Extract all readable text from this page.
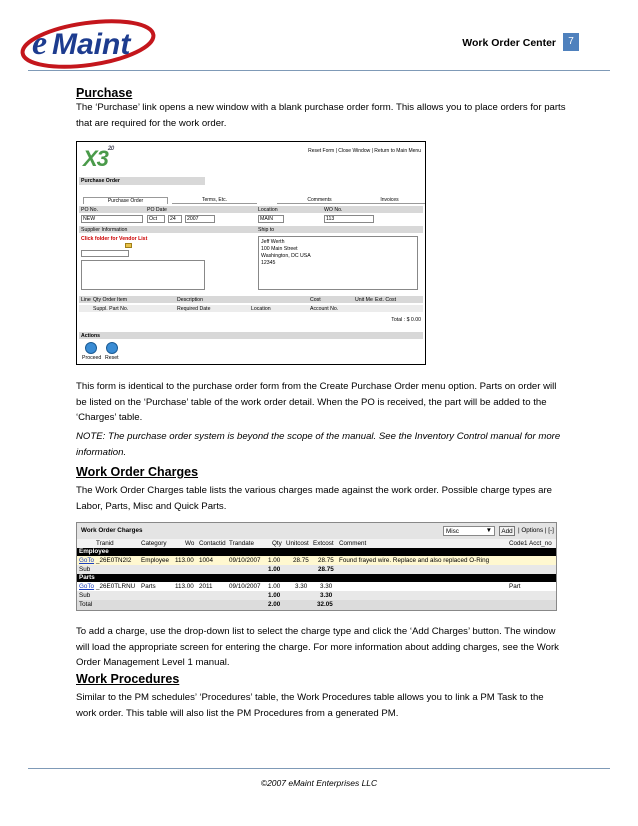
e Maint	Work Order Center	7
Purchase
The ‘Purchase’ link opens a new window with a blank purchase order form. This allows you to place orders for parts that are required for the work order.
$X3^{2.0}$	Reset Form | Close Window | Return to Main Menu
Purchase Order
Purchase Order	Terms, Etc.	Comments	Invoices
PO No.	PO Date	Location	WO No.
NEW	Oct 24 2007	MAIN	113
Supplier Information	Ship to
Click folder for Vendor List	Jeff Werth
100 Main Street
Washington, DC USA
12345
Line Qty Order Item	Description	Cost	Unit Me Ext. Cost
Suppl. Part No.	Required Date	Location	Account No.
Total : $ 0.00
Actions
Proceed Reset
This form is identical to the purchase order form from the Create Purchase Order menu option. Parts on order will be listed on the ‘Purchase’ table of the work order detail. When the PO is received, the part will be added to the ‘Charges’ table.
NOTE: The purchase order system is beyond the scope of the manual. See the Inventory Control manual for more information.
Work Order Charges
The Work Order Charges table lists the various charges made against the work order. Possible charge types are Labor, Parts, Misc and Quick Parts.
Work Order Charges	Misc	▼	Add | Options | [-]
Tranid	Category	Wo Contactid Trandate	Qty Unitcost Extcost Comment	Code1 Acct_no
Employee
GoTo _26E0TN2I2 Employee 113.00 1004	09/10/2007 1.00 28.75 28.75 Found frayed wire. Replace and also replaced O-Ring
Sub	1.00	28.75
Parts
GoTo _26E0TLRNU Parts	113.00 2011	09/10/2007 1.00 3.30 3.30	Part
Sub	1.00	3.30
Total	2.00	32.05
To add a charge, use the drop-down list to select the charge type and click the ‘Add Charges’ button. The window will load the appropriate screen for entering the charge. For more information about adding charges, see the Work Order Management Level 1 manual.
Work Procedures
Similar to the PM schedules’ ‘Procedures’ table, the Work Procedures table allows you to link a PM Task to the work order. This table will also list the PM Procedures from a generated PM.
©2007 eMaint Enterprises LLC
